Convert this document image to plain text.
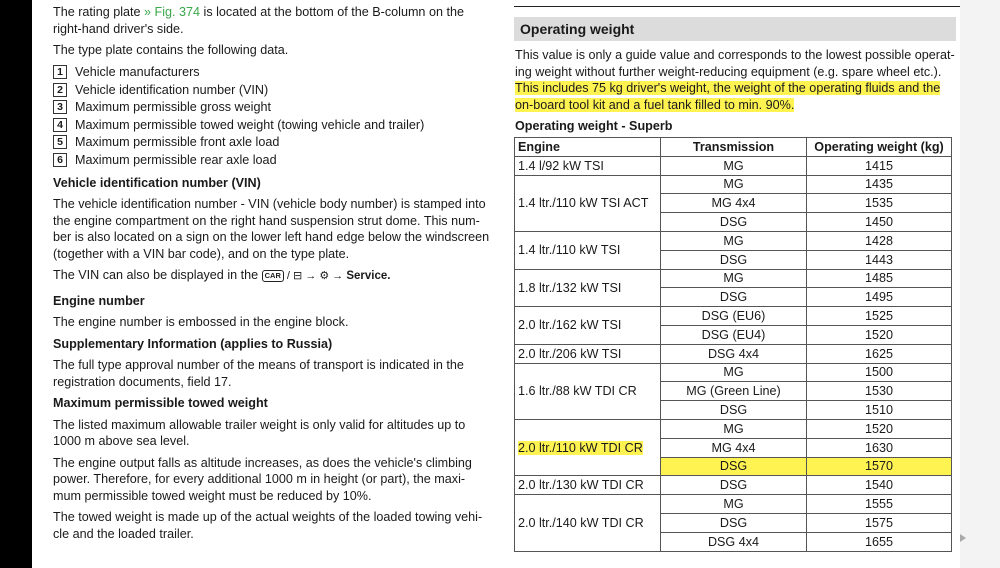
The rating plate » Fig. 374 is located at the bottom of the B-column on the right-hand driver's side.

The type plate contains the following data.

1 Vehicle manufacturers
2 Vehicle identification number (VIN)
3 Maximum permissible gross weight
4 Maximum permissible towed weight (towing vehicle and trailer)
5 Maximum permissible front axle load
6 Maximum permissible rear axle load

Vehicle identification number (VIN)

The vehicle identification number - VIN (vehicle body number) is stamped into the engine compartment on the right hand suspension strut dome. This num-ber is also located on a sign on the lower left hand edge below the windscreen (together with a VIN bar code), and on the type plate.

The VIN can also be displayed in the CAR / ⊟ → ⚙ → Service.

Engine number

The engine number is embossed in the engine block.

Supplementary Information (applies to Russia)

The full type approval number of the means of transport is indicated in the registration documents, field 17.

Maximum permissible towed weight

The listed maximum allowable trailer weight is only valid for altitudes up to 1000 m above sea level.

The engine output falls as altitude increases, as does the vehicle's climbing power. Therefore, for every additional 1000 m in height (or part), the maxi-mum permissible towed weight must be reduced by 10%.

The towed weight is made up of the actual weights of the loaded towing vehi-cle and the loaded trailer.

Operating weight

This value is only a guide value and corresponds to the lowest possible operat-ing weight without further weight-reducing equipment (e.g. spare wheel etc.). This includes 75 kg driver's weight, the weight of the operating fluids and the on-board tool kit and a fuel tank filled to min. 90%.

Operating weight - Superb

Engine	Transmission	Operating weight (kg)
1.4 l/92 kW TSI	MG	1415
1.4 ltr./110 kW TSI ACT	MG	1435
	MG 4x4	1535
	DSG	1450
1.4 ltr./110 kW TSI	MG	1428
	DSG	1443
1.8 ltr./132 kW TSI	MG	1485
	DSG	1495
2.0 ltr./162 kW TSI	DSG (EU6)	1525
	DSG (EU4)	1520
2.0 ltr./206 kW TSI	DSG 4x4	1625
1.6 ltr./88 kW TDI CR	MG	1500
	MG (Green Line)	1530
	DSG	1510
2.0 ltr./110 kW TDI CR	MG	1520
	MG 4x4	1630
	DSG	1570
2.0 ltr./130 kW TDI CR	DSG	1540
2.0 ltr./140 kW TDI CR	MG	1555
	DSG	1575
	DSG 4x4	1655
